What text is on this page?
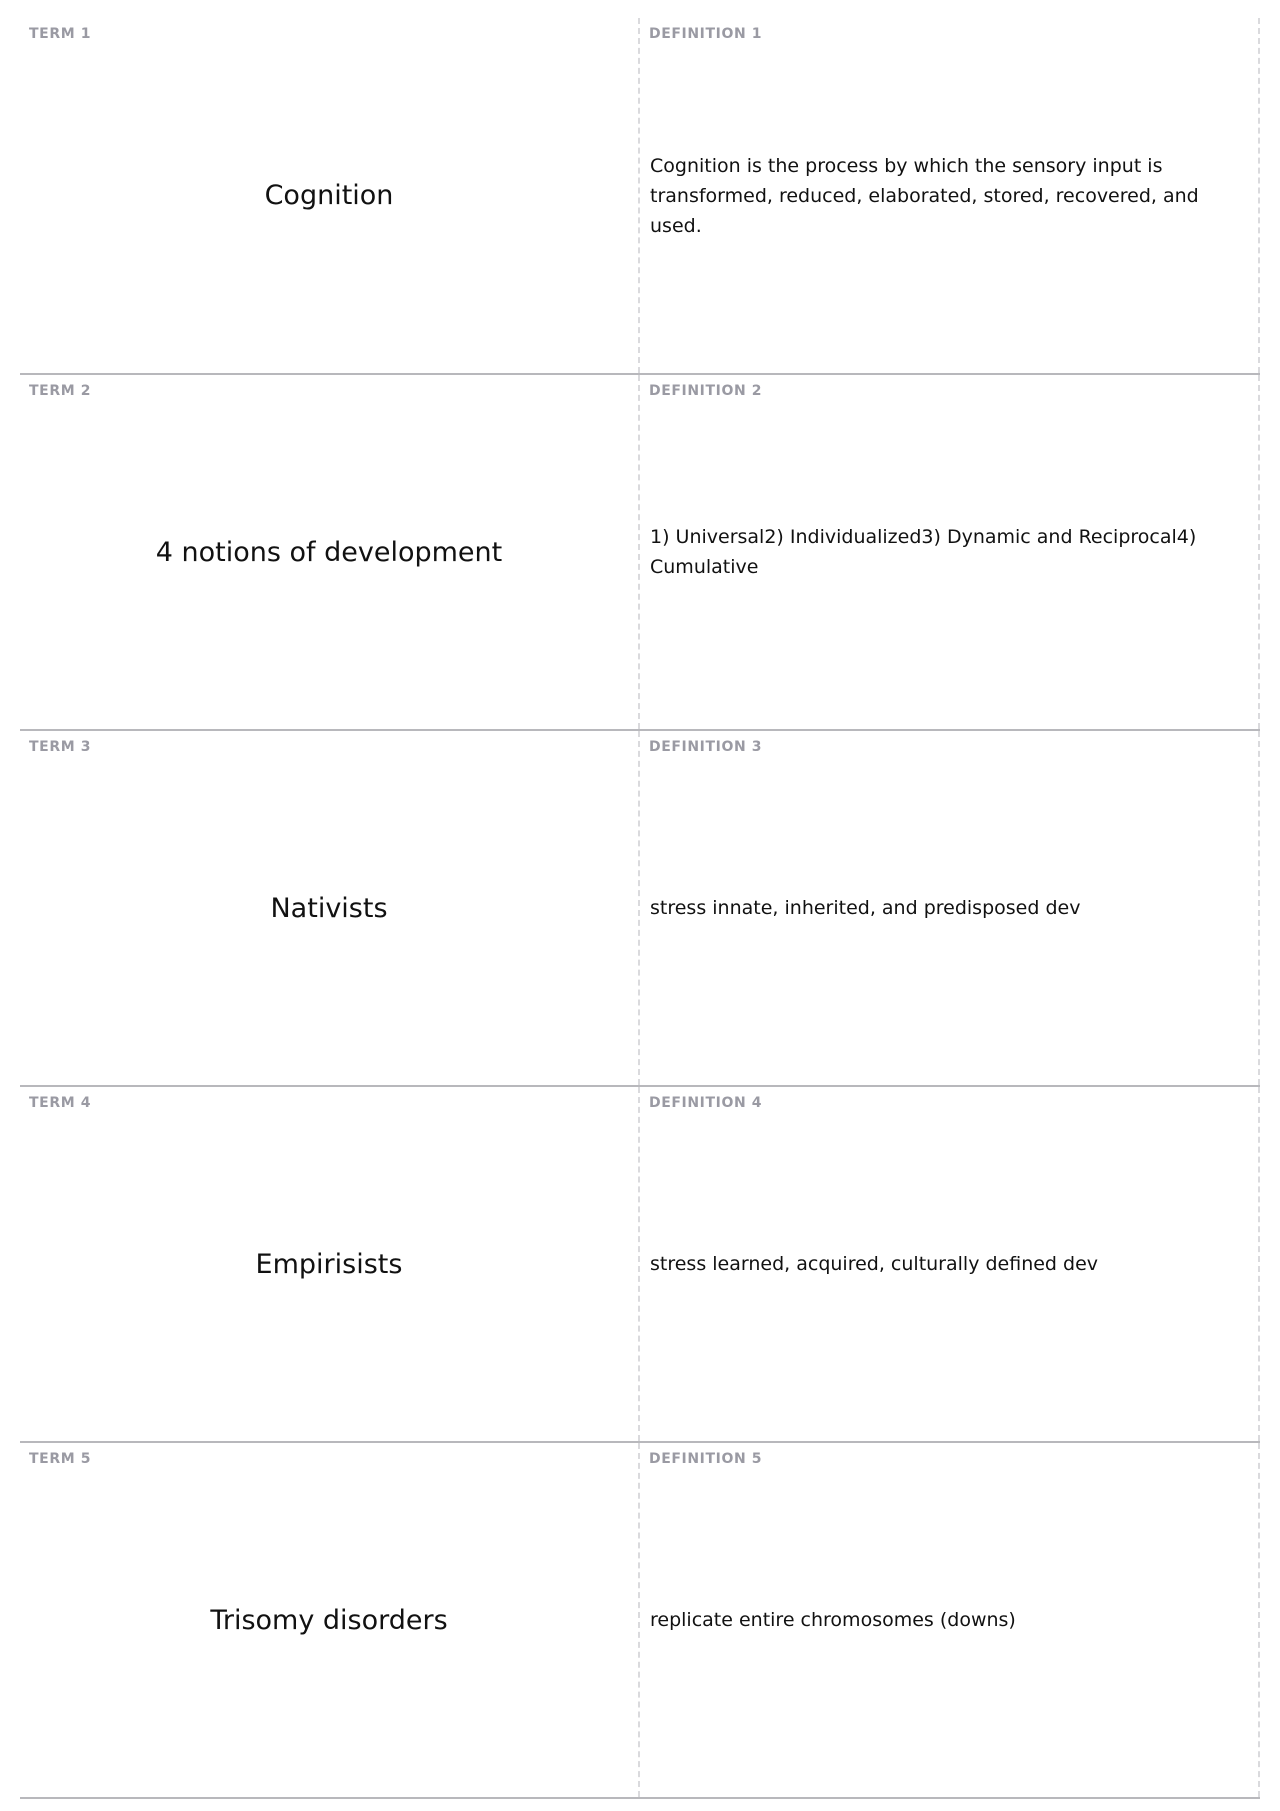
TERM 1
Cognition
DEFINITION 1
Cognition is the process by which the sensory input is transformed, reduced, elaborated, stored, recovered, and used.
TERM 2
4 notions of development
DEFINITION 2
1) Universal2) Individualized3) Dynamic and Reciprocal4) Cumulative
TERM 3
Nativists
DEFINITION 3
stress innate, inherited, and predisposed dev
TERM 4
Empirisists
DEFINITION 4
stress learned, acquired, culturally defined dev
TERM 5
Trisomy disorders
DEFINITION 5
replicate entire chromosomes (downs)
